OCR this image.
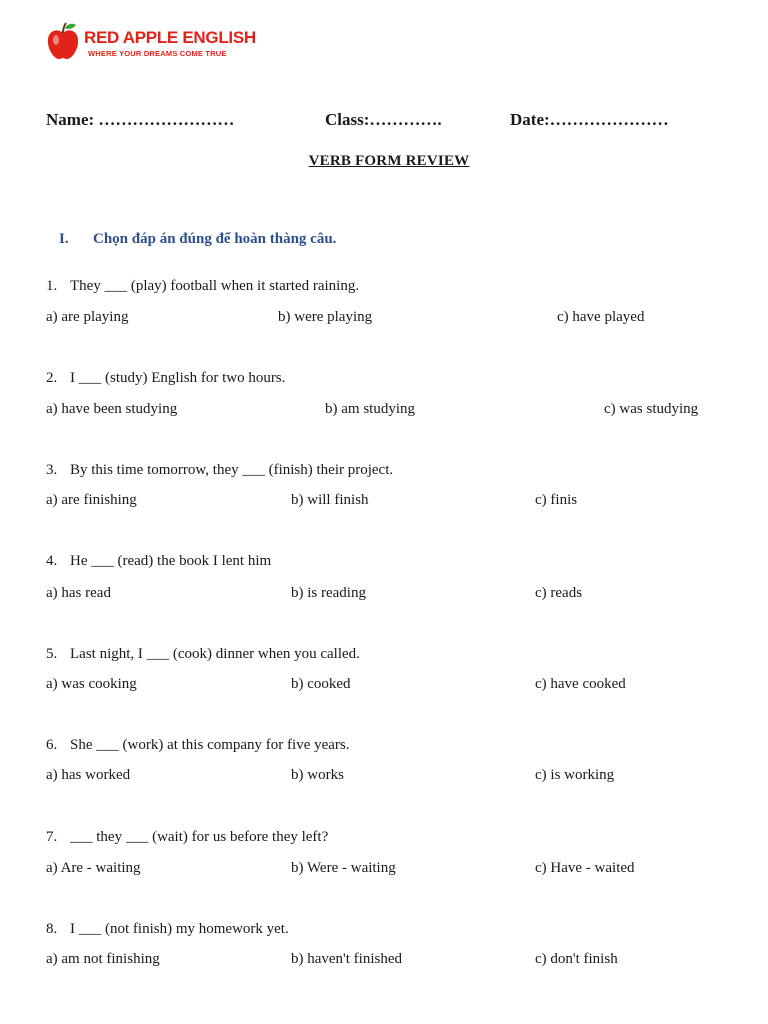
RED APPLE ENGLISH
WHERE YOUR DREAMS COME TRUE
Name: ……………………	Class:………….	Date:…………………
VERB FORM REVIEW
I. Chọn đáp án đúng để hoàn thàng câu.
1. They ___ (play) football when it started raining.
a) are playing	b) were playing	c) have played
2. I ___ (study) English for two hours.
a) have been studying	b) am studying	c) was studying
3. By this time tomorrow, they ___ (finish) their project.
a) are finishing	b) will finish	c) finis
4. He ___ (read) the book I lent him
a) has read	b) is reading	c) reads
5. Last night, I ___ (cook) dinner when you called.
a) was cooking	b) cooked	c) have cooked
6. She ___ (work) at this company for five years.
a) has worked	b) works	c) is working
7. ___ they ___ (wait) for us before they left?
a) Are - waiting	b) Were - waiting	c) Have - waited
8. I ___ (not finish) my homework yet.
a) am not finishing	b) haven't finished	c) don't finish
